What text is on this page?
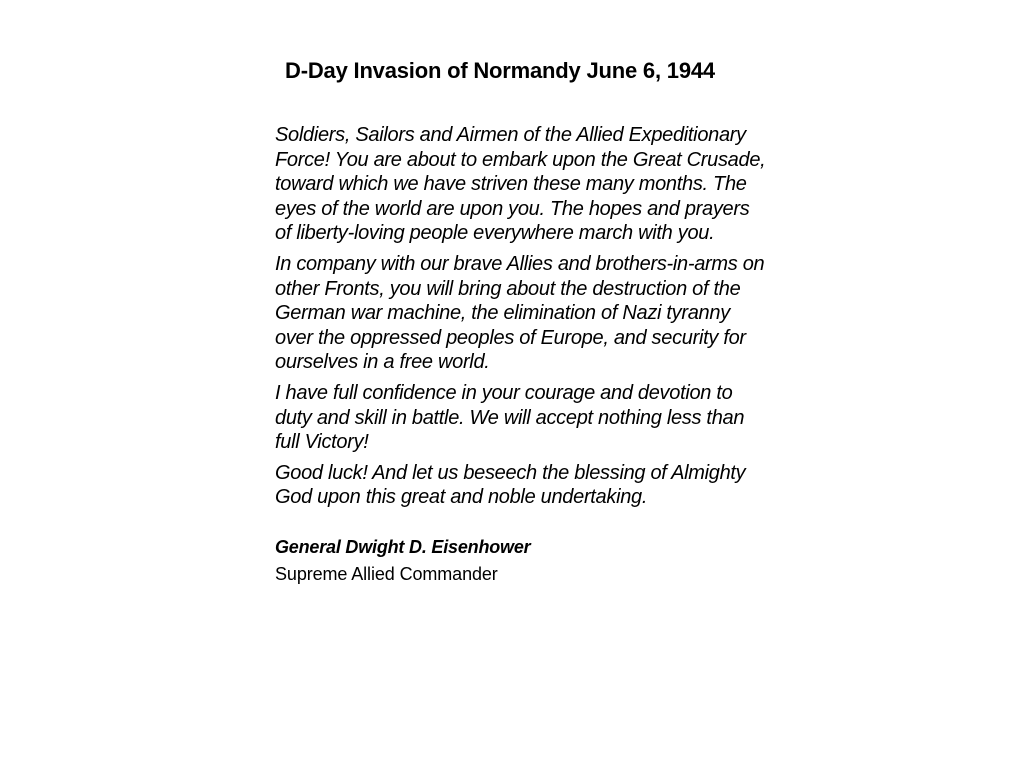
D-Day Invasion of Normandy June 6, 1944

Soldiers, Sailors and Airmen of the Allied Expeditionary Force! You are about to embark upon the Great Crusade, toward which we have striven these many months. The eyes of the world are upon you. The hopes and prayers of liberty-loving people everywhere march with you.

In company with our brave Allies and brothers-in-arms on other Fronts, you will bring about the destruction of the German war machine, the elimination of Nazi tyranny over the oppressed peoples of Europe, and security for ourselves in a free world.

I have full confidence in your courage and devotion to duty and skill in battle. We will accept nothing less than full Victory!

Good luck! And let us beseech the blessing of Almighty God upon this great and noble undertaking.

General Dwight D. Eisenhower
Supreme Allied Commander
